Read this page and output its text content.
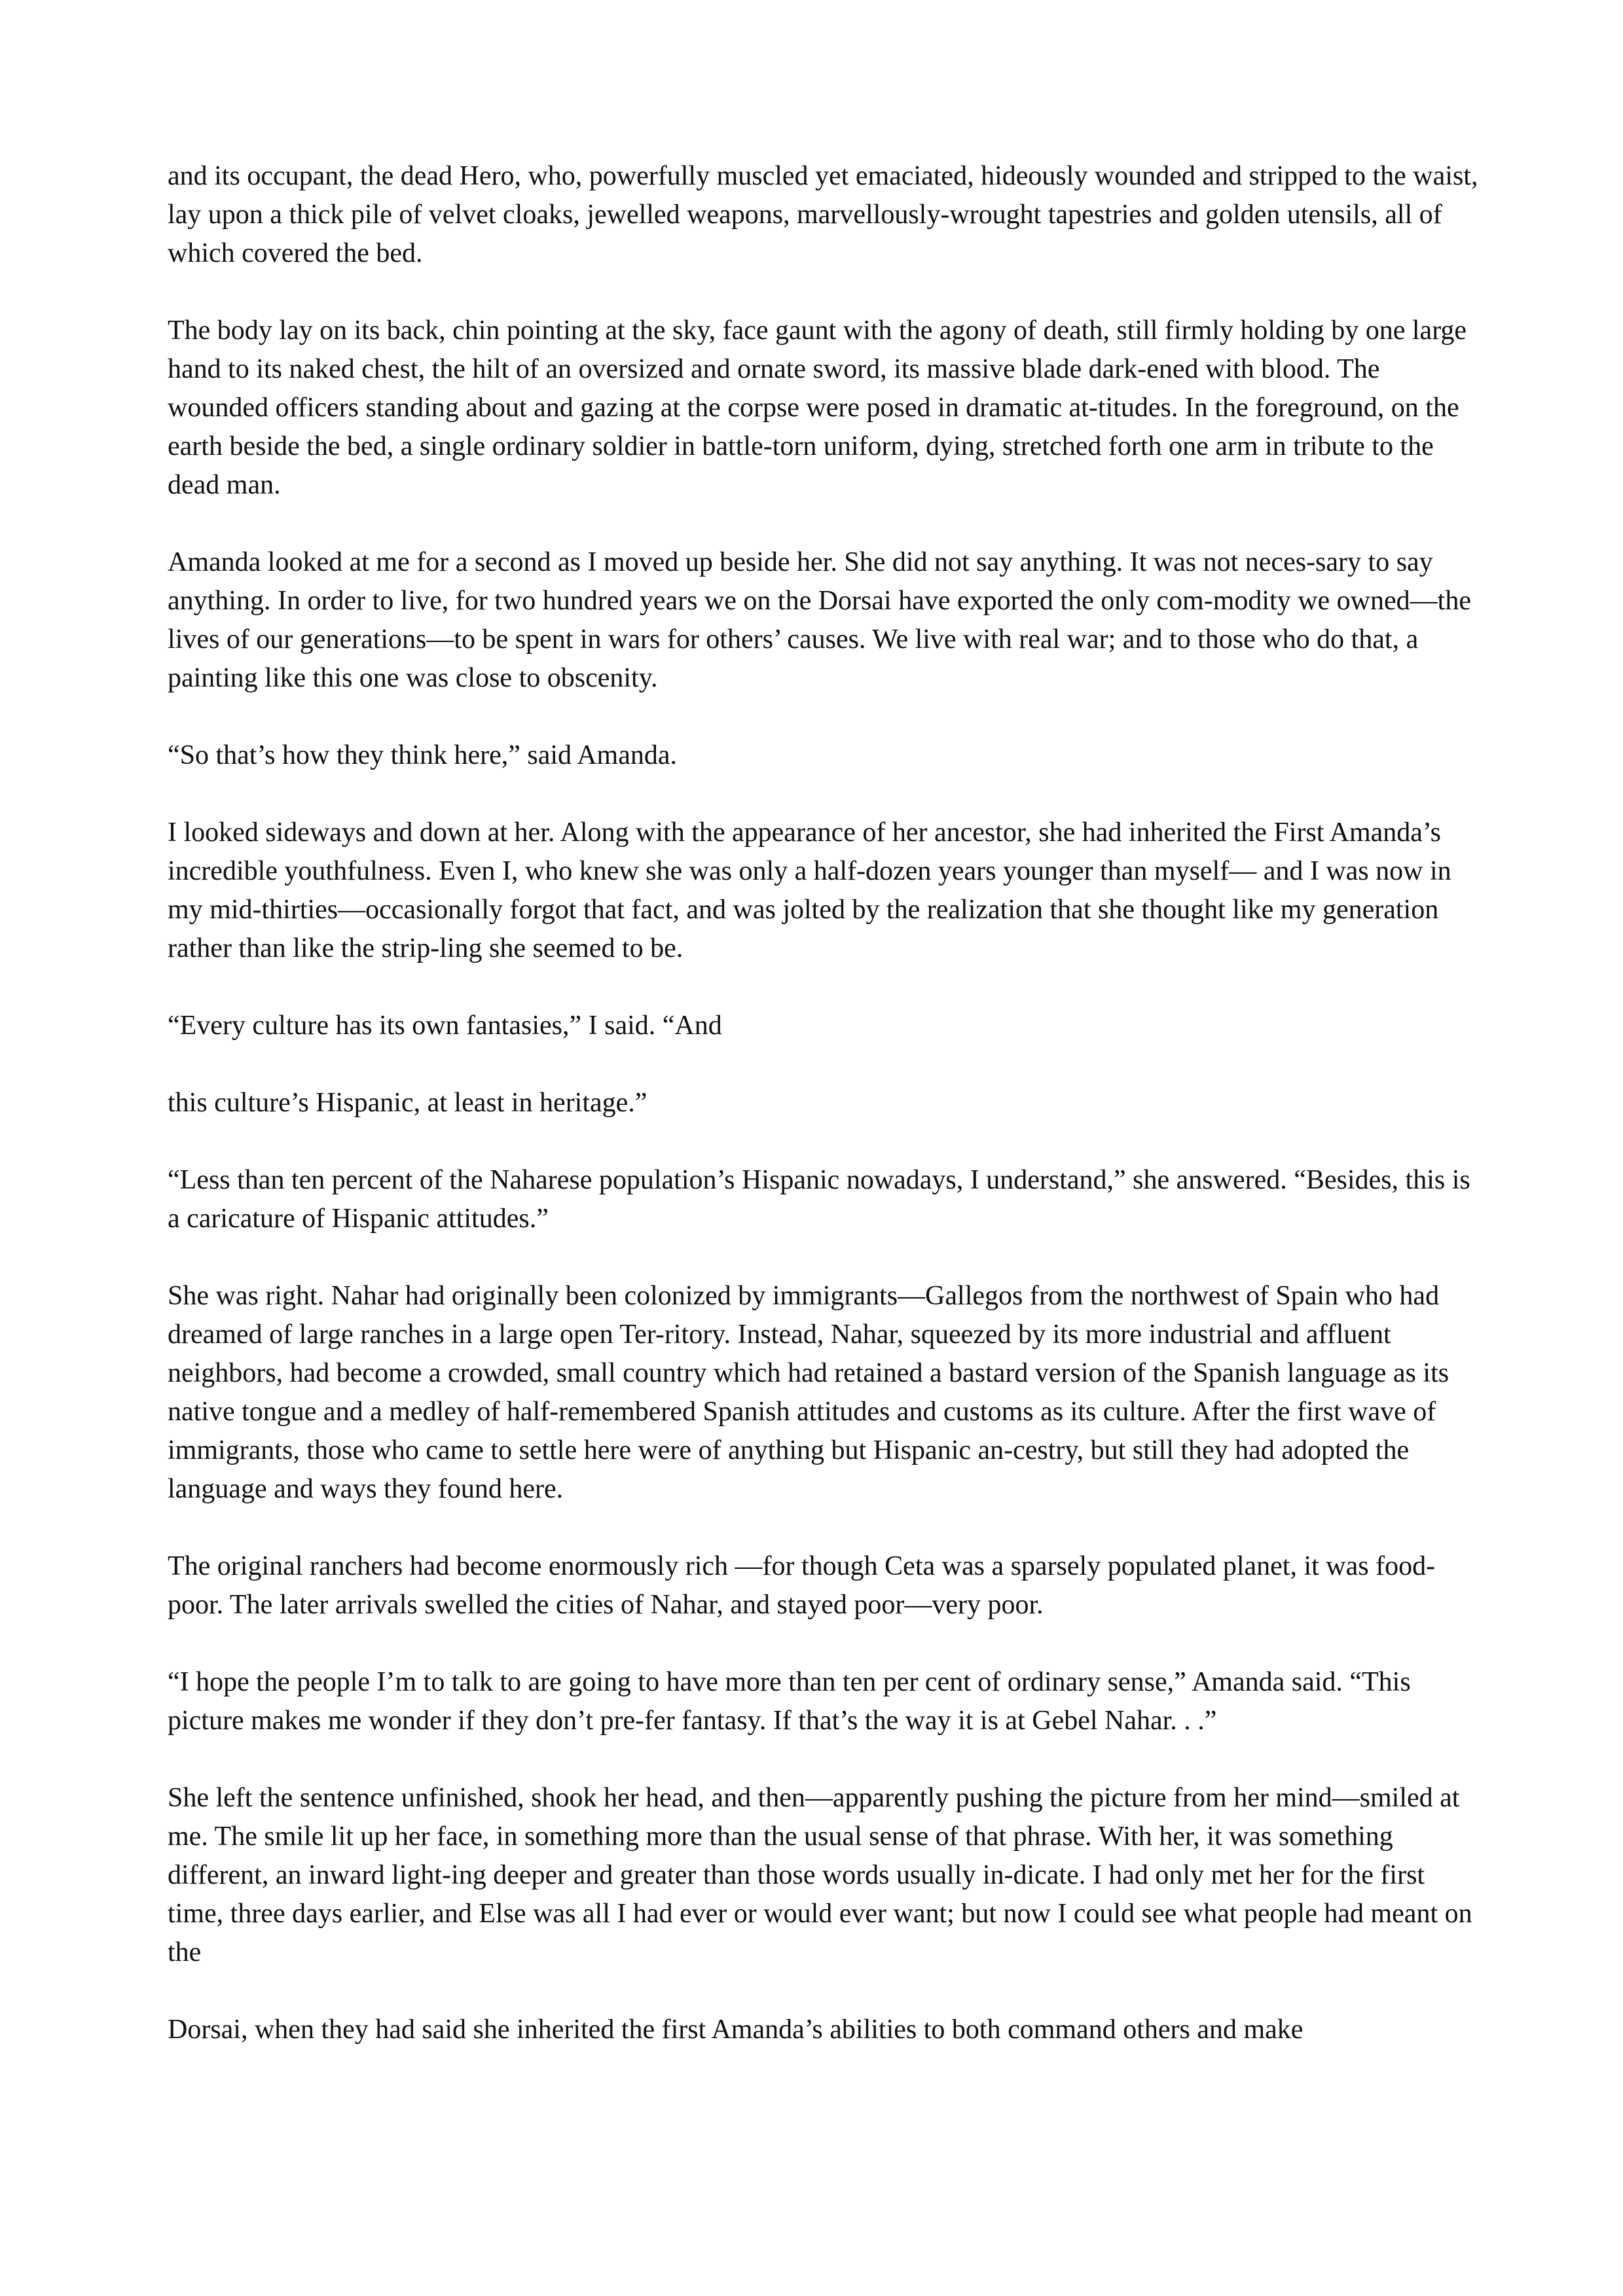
and its occupant, the dead Hero, who, powerfully muscled yet emaciated, hideously wounded and stripped to the waist, lay upon a thick pile of velvet cloaks, jewelled weapons, marvellously-wrought tapestries and golden utensils, all of which covered the bed.

The body lay on its back, chin pointing at the sky, face gaunt with the agony of death, still firmly holding by one large hand to its naked chest, the hilt of an oversized and ornate sword, its massive blade dark-ened with blood. The wounded officers standing about and gazing at the corpse were posed in dramatic at-titudes. In the foreground, on the earth beside the bed, a single ordinary soldier in battle-torn uniform, dying, stretched forth one arm in tribute to the dead man.

Amanda looked at me for a second as I moved up beside her. She did not say anything. It was not neces-sary to say anything. In order to live, for two hundred years we on the Dorsai have exported the only com-modity we owned—the lives of our generations—to be spent in wars for others’ causes. We live with real war; and to those who do that, a painting like this one was close to obscenity.

“So that’s how they think here,” said Amanda.

I looked sideways and down at her. Along with the appearance of her ancestor, she had inherited the First Amanda’s incredible youthfulness. Even I, who knew she was only a half-dozen years younger than myself— and I was now in my mid-thirties—occasionally forgot that fact, and was jolted by the realization that she thought like my generation rather than like the strip-ling she seemed to be.

“Every culture has its own fantasies,” I said. “And

this culture’s Hispanic, at least in heritage.”

“Less than ten percent of the Naharese population’s Hispanic nowadays, I understand,” she answered. “Besides, this is a caricature of Hispanic attitudes.”

She was right. Nahar had originally been colonized by immigrants—Gallegos from the northwest of Spain who had dreamed of large ranches in a large open Ter-ritory. Instead, Nahar, squeezed by its more industrial and affluent neighbors, had become a crowded, small country which had retained a bastard version of the Spanish language as its native tongue and a medley of half-remembered Spanish attitudes and customs as its culture. After the first wave of immigrants, those who came to settle here were of anything but Hispanic an-cestry, but still they had adopted the language and ways they found here.

The original ranchers had become enormously rich —for though Ceta was a sparsely populated planet, it was food-poor. The later arrivals swelled the cities of Nahar, and stayed poor—very poor.

“I hope the people I’m to talk to are going to have more than ten per cent of ordinary sense,” Amanda said. “This picture makes me wonder if they don’t pre-fer fantasy. If that’s the way it is at Gebel Nahar. . .”

She left the sentence unfinished, shook her head, and then—apparently pushing the picture from her mind—smiled at me. The smile lit up her face, in something more than the usual sense of that phrase. With her, it was something different, an inward light-ing deeper and greater than those words usually in-dicate. I had only met her for the first time, three days earlier, and Else was all I had ever or would ever want; but now I could see what people had meant on the

Dorsai, when they had said she inherited the first Amanda’s abilities to both command others and make
